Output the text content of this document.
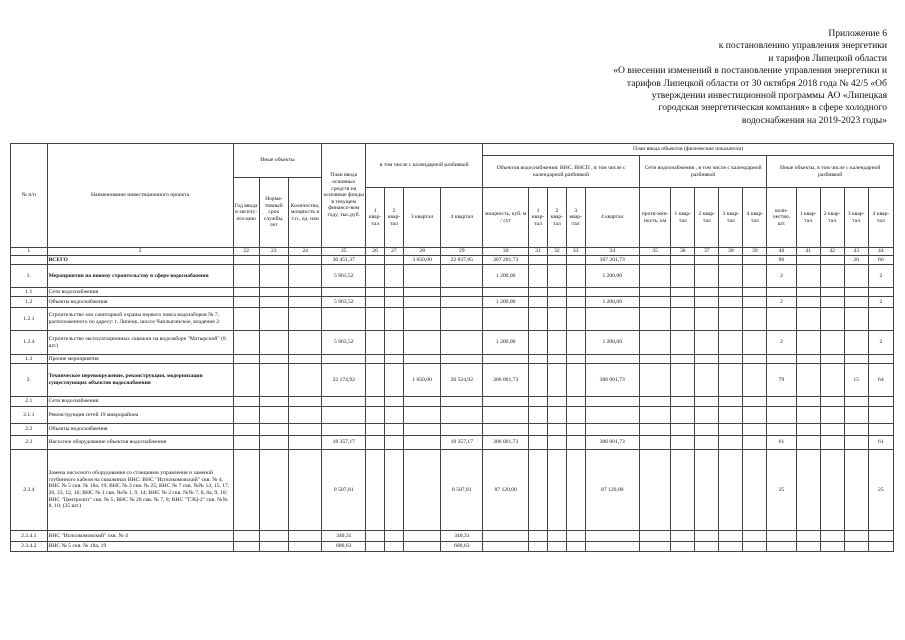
Приложение 6
к постановлению управления энергетики
и тарифов Липецкой области
«О внесении изменений в постановление управления энергетики и
тарифов Липецкой области от 30 октября 2018 года № 42/5 «Об
утверждении инвестиционной программы АО «Липецкая
городская энергетическая компания» в сфере холодного
водоснабжения на 2019-2023 годы»
№ п/п	Наименование инвестиционного проекта	Иные объекты			План ввода основных средств на основные фонды в текущем финансо-вом году, тыс.руб.	в том числе с календарной разбивкой				План ввода объектов (физические показатели)														
										Объектов водоснабжения: ВНС, ВНСП , в том числе с календарной разбивкой					Сети водоснабжения , в том числе с календарной разбивкой					Иные объекты, в том числе с календарной разбивкой				
		Год ввода в эксплу-ата-цию	Норма-тивный срок службы, лет	Количество, мощность и т.п., ед. изм																				
						1 квар-тал	2 квар-тал	3 квартал	4 квартал	мощность, куб. м / сут	1 квар-тал	2 квар-тал	3 квар-тал	4 квартал	протя-жён-ность, км	1 квар-тал	2 квар-тал	3 квар-тал	4 квар-тал	коли-чество, шт.	1 квар-тал	2 квар-тал	3 квар-тал	4 квар-тал
1	2	22	23	24	25	26	27	28	29	30	31	32	33	34	35	36	37	38	39	40	41	42	43	44
	ВСЕГО				30 451,37			3 650,00	22 837,85	307 201,73				307 201,73						86			20	66
1.	Мероприятия по новому строительству в сфере водоснабжения				5 963,52					1 200,00				1 200,00						2				2
1.1	Сети водоснабжения																							
1.2	Объекты водоснабжения				5 963,52					1 200,00				1 200,00						2				2
1.2.1	Строительство зон санитарной охраны первого пояса водозаборов № 7, расположенного по адресу: г. Липецк, шоссе Чаплыгинское, владение 2																							
1.2.4	Строительство эксплуатационных скважин на водозаборе "Матырский" (8 шт.)				5 963,52					1 200,00				1 200,00						2				2
1.3	Прочие мероприятия																							
2.	Техническое перевооружение, реконструкция, модернизация существующих объектов водоснабжения				22 174,92			1 650,00	20 524,92	306 001,73				306 001,73						79			15	64
2.1	Сети водоснабжения																							
2.1.1	Реконструкция сетей 19 микрорайона																							
2.2	Объекты водоснабжения																							
2.3	Насосное оборудование объектов водоснабжения				18 357,17				18 357,17	306 001,73				306 001,73						61				61
2.3.4	Замена насосного оборудования со станциями управления и заменой глубинного кабеля на скважинах ВНС: ВНС "Исполкомовский" скв. № 4, ВНС № 5 скв. № 18а, 19; ВНС № 3 скв. № 25; ВНС № 7 скв. №№ 14, 15, 17, 26, 23, 12, 16; ВНС № 1 скв. №№ 1, 9, 14; ВНС № 2 скв. №№ 7, 8, 8а, 9, 10; ВНС "Центролит" скв. № 5; ВНС № 20 скв. № 7, 8; ВНС "ТЭЦ-2" скв. №№ 8, 10; (25 шт.)				8 507,81				8 507,81	87 120,00				87 120,00						25				25
2.3.4.1	ВНС "Исполкомовский" скв. № 4				340,31				340,31															
2.3.4.2	ВНС № 5 скв. № 18а, 19				680,63				680,63															
